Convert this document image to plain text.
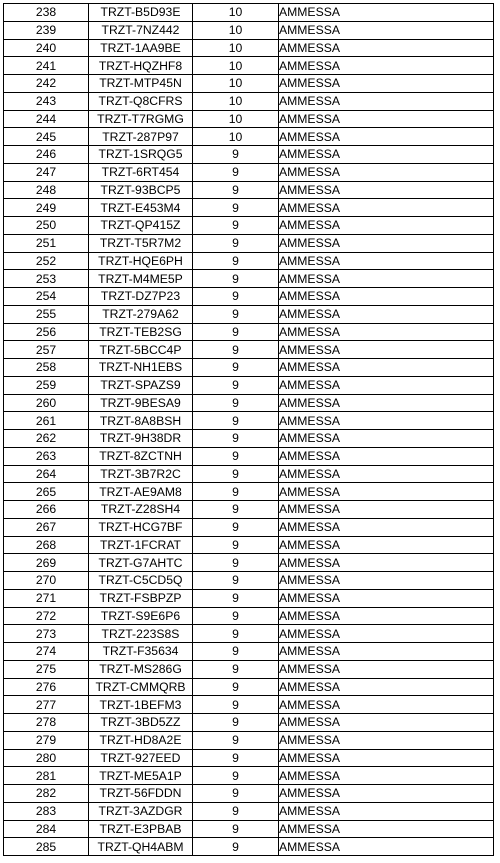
238	TRZT-B5D93E	10	AMMESSA
239	TRZT-7NZ442	10	AMMESSA
240	TRZT-1AA9BE	10	AMMESSA
241	TRZT-HQZHF8	10	AMMESSA
242	TRZT-MTP45N	10	AMMESSA
243	TRZT-Q8CFRS	10	AMMESSA
244	TRZT-T7RGMG	10	AMMESSA
245	TRZT-287P97	10	AMMESSA
246	TRZT-1SRQG5	9	AMMESSA
247	TRZT-6RT454	9	AMMESSA
248	TRZT-93BCP5	9	AMMESSA
249	TRZT-E453M4	9	AMMESSA
250	TRZT-QP415Z	9	AMMESSA
251	TRZT-T5R7M2	9	AMMESSA
252	TRZT-HQE6PH	9	AMMESSA
253	TRZT-M4ME5P	9	AMMESSA
254	TRZT-DZ7P23	9	AMMESSA
255	TRZT-279A62	9	AMMESSA
256	TRZT-TEB2SG	9	AMMESSA
257	TRZT-5BCC4P	9	AMMESSA
258	TRZT-NH1EBS	9	AMMESSA
259	TRZT-SPAZS9	9	AMMESSA
260	TRZT-9BESA9	9	AMMESSA
261	TRZT-8A8BSH	9	AMMESSA
262	TRZT-9H38DR	9	AMMESSA
263	TRZT-8ZCTNH	9	AMMESSA
264	TRZT-3B7R2C	9	AMMESSA
265	TRZT-AE9AM8	9	AMMESSA
266	TRZT-Z28SH4	9	AMMESSA
267	TRZT-HCG7BF	9	AMMESSA
268	TRZT-1FCRAT	9	AMMESSA
269	TRZT-G7AHTC	9	AMMESSA
270	TRZT-C5CD5Q	9	AMMESSA
271	TRZT-FSBPZP	9	AMMESSA
272	TRZT-S9E6P6	9	AMMESSA
273	TRZT-223S8S	9	AMMESSA
274	TRZT-F35634	9	AMMESSA
275	TRZT-MS286G	9	AMMESSA
276	TRZT-CMMQRB	9	AMMESSA
277	TRZT-1BEFM3	9	AMMESSA
278	TRZT-3BD5ZZ	9	AMMESSA
279	TRZT-HD8A2E	9	AMMESSA
280	TRZT-927EED	9	AMMESSA
281	TRZT-ME5A1P	9	AMMESSA
282	TRZT-56FDDN	9	AMMESSA
283	TRZT-3AZDGR	9	AMMESSA
284	TRZT-E3PBAB	9	AMMESSA
285	TRZT-QH4ABM	9	AMMESSA
